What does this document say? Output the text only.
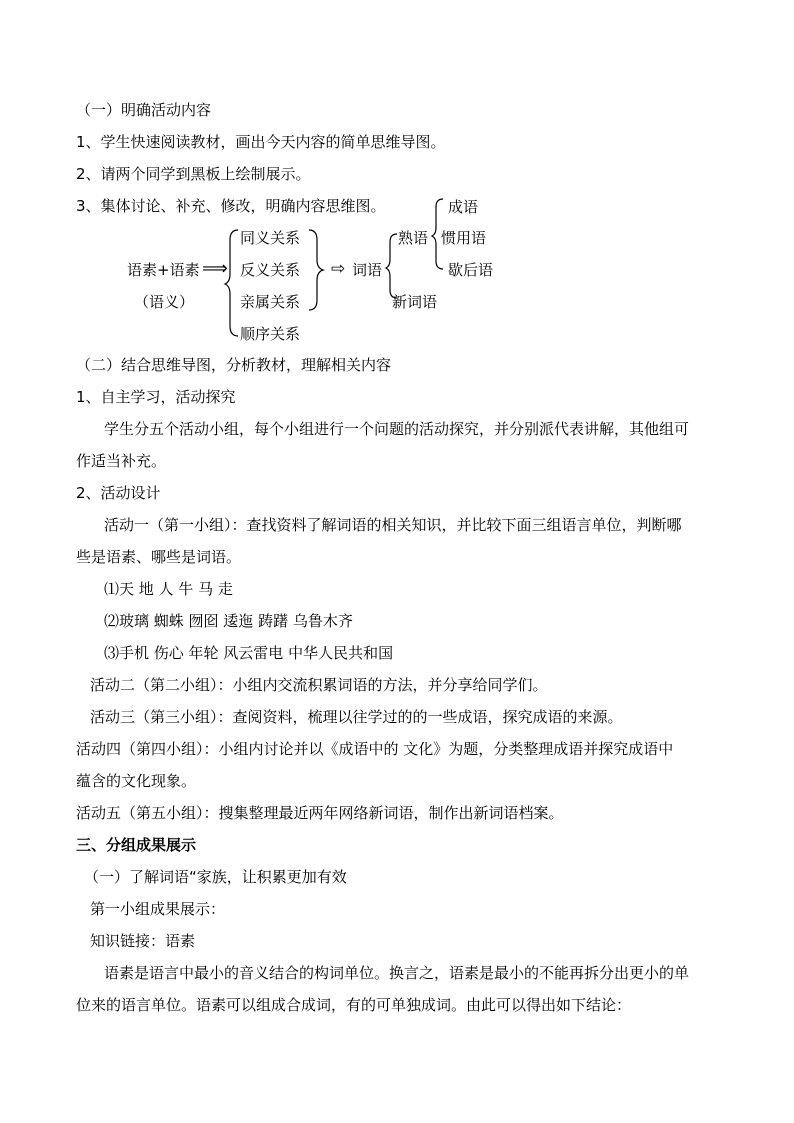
（一）明确活动内容
1、学生快速阅读教材，画出今天内容的简单思维导图。
2、请两个同学到黑板上绘制展示。
3、集体讨论、补充、修改，明确内容思维图。
语素+语素
（语义）
⟹
同义关系
反义关系
亲属关系
顺序关系
⇨ 词语
熟语
新词语
成语
惯用语
歇后语
（二）结合思维导图，分析教材，理解相关内容
1、自主学习，活动探究
学生分五个活动小组，每个小组进行一个问题的活动探究，并分别派代表讲解，其他组可
作适当补充。
2、活动设计
活动一（第一小组）：查找资料了解词语的相关知识，并比较下面三组语言单位，判断哪
些是语素、哪些是词语。
⑴天 地 人 牛 马 走
⑵玻璃 蜘蛛 囫囵 逶迤 踌躇 乌鲁木齐
⑶手机 伤心 年轮 风云雷电 中华人民共和国
活动二（第二小组）：小组内交流积累词语的方法，并分享给同学们。
活动三（第三小组）：查阅资料，梳理以往学过的的一些成语，探究成语的来源。
活动四（第四小组）：小组内讨论并以《成语中的 文化》为题，分类整理成语并探究成语中
蕴含的文化现象。
活动五（第五小组）：搜集整理最近两年网络新词语，制作出新词语档案。
三、分组成果展示
（一）了解词语“家族，让积累更加有效
第一小组成果展示：
知识链接：语素
语素是语言中最小的音义结合的构词单位。换言之，语素是最小的不能再拆分出更小的单
位来的语言单位。语素可以组成合成词，有的可单独成词。由此可以得出如下结论：
